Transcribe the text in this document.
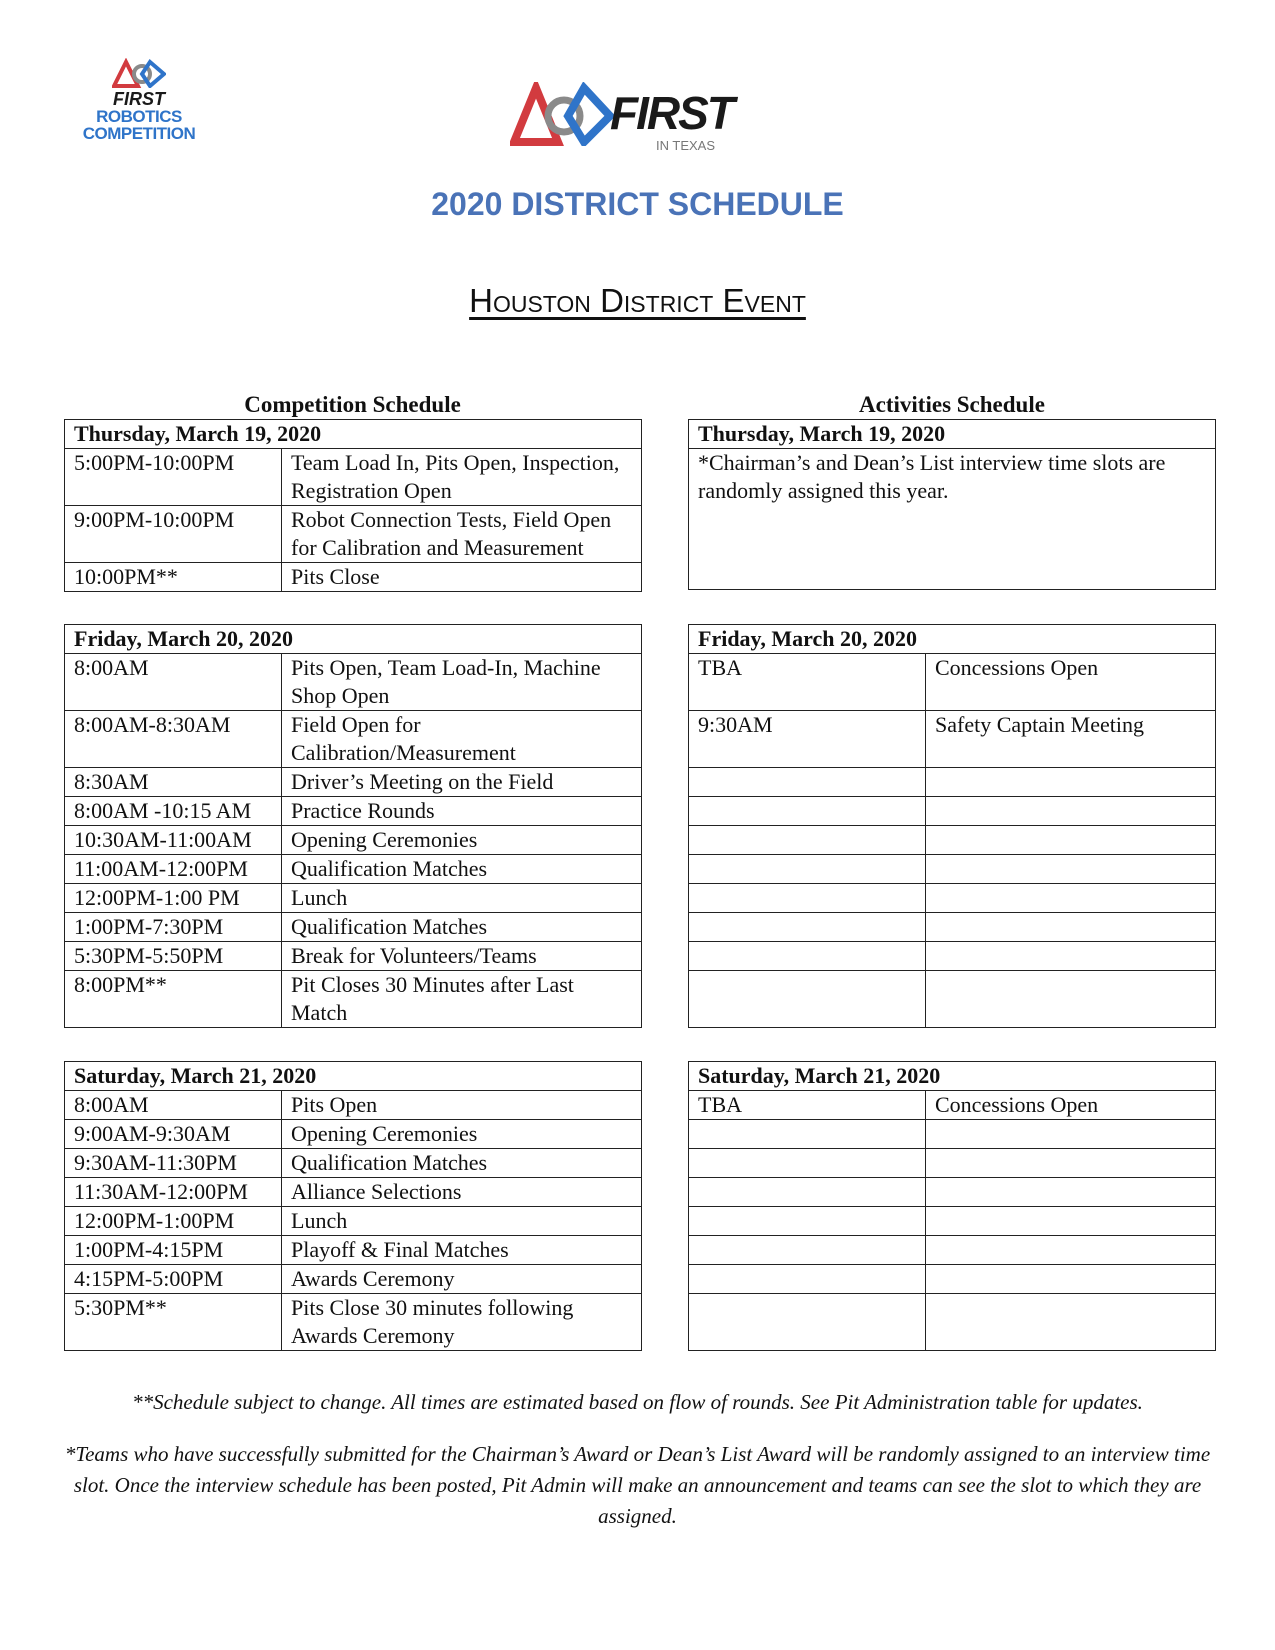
FIRST
ROBOTICS
COMPETITION	FIRST
IN TEXAS
2020 DISTRICT SCHEDULE
Houston District Event
Competition Schedule	Activities Schedule
Thursday, March 19, 2020	
5:00PM-10:00PM	Team Load In, Pits Open, Inspection, Registration Open
9:00PM-10:00PM	Robot Connection Tests, Field Open for Calibration and Measurement
10:00PM**	Pits Close
Friday, March 20, 2020	
8:00AM	Pits Open, Team Load-In, Machine Shop Open
8:00AM-8:30AM	Field Open for Calibration/Measurement
8:30AM	Driver’s Meeting on the Field
8:00AM -10:15 AM	Practice Rounds
10:30AM-11:00AM	Opening Ceremonies
11:00AM-12:00PM	Qualification Matches
12:00PM-1:00 PM	Lunch
1:00PM-7:30PM	Qualification Matches
5:30PM-5:50PM	Break for Volunteers/Teams
8:00PM**	Pit Closes 30 Minutes after Last Match
Saturday, March 21, 2020	
8:00AM	Pits Open
9:00AM-9:30AM	Opening Ceremonies
9:30AM-11:30PM	Qualification Matches
11:30AM-12:00PM	Alliance Selections
12:00PM-1:00PM	Lunch
1:00PM-4:15PM	Playoff & Final Matches
4:15PM-5:00PM	Awards Ceremony
5:30PM**	Pits Close 30 minutes following Awards Ceremony
Thursday, March 19, 2020
*Chairman’s and Dean’s List interview time slots are randomly assigned this year.
Friday, March 20, 2020	
TBA	Concessions Open
9:30AM	Safety Captain Meeting

Saturday, March 21, 2020	
TBA	Concessions Open

**Schedule subject to change. All times are estimated based on flow of rounds. See Pit Administration table for updates.
*Teams who have successfully submitted for the Chairman’s Award or Dean’s List Award will be randomly assigned to an interview time slot. Once the interview schedule has been posted, Pit Admin will make an announcement and teams can see the slot to which they are assigned.
